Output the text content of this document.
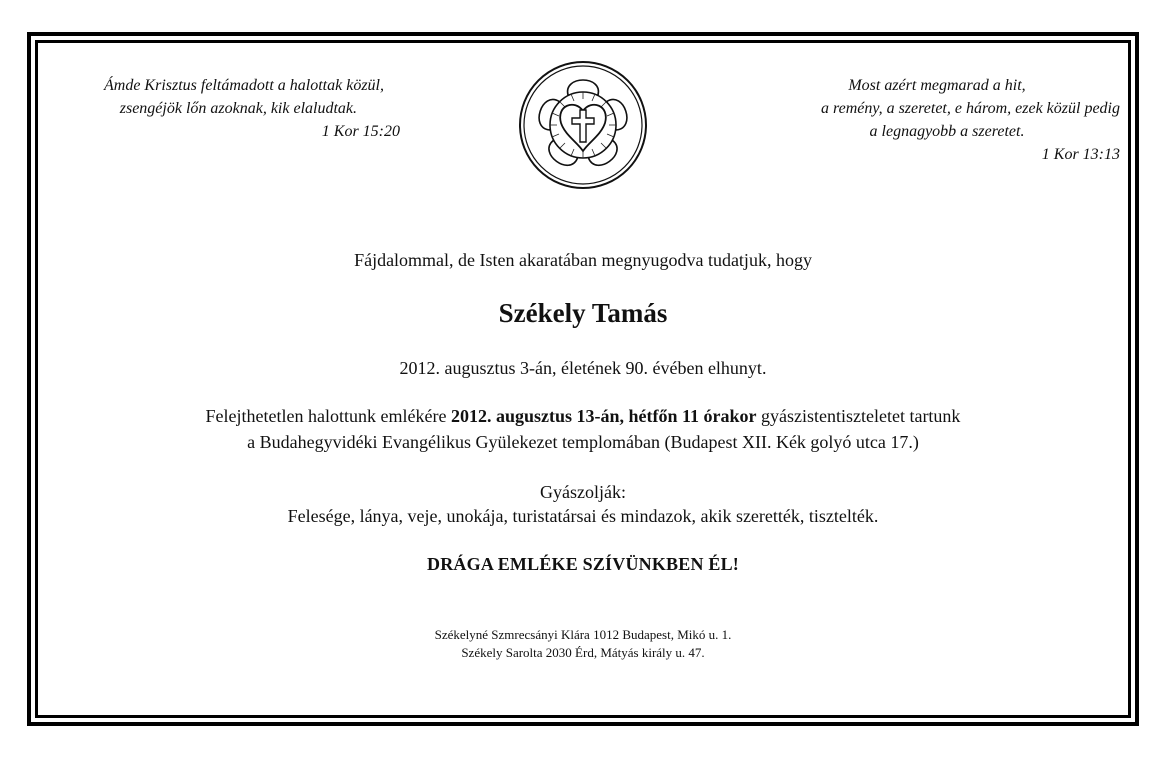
Ámde Krisztus feltámadott a halottak közül,
zsengéjök lőn azoknak, kik elaludtak.
1 Kor 15:20
Most azért megmarad a hit,
a remény, a szeretet, e három, ezek közül pedig
a legnagyobb a szeretet.
1 Kor 13:13
Fájdalommal, de Isten akaratában megnyugodva tudatjuk, hogy
Székely Tamás
2012. augusztus 3-án, életének 90. évében elhunyt.
Felejthetetlen halottunk emlékére 2012. augusztus 13-án, hétfőn 11 órakor gyászistentiszteletet tartunk
a Budahegyvidéki Evangélikus Gyülekezet templomában (Budapest XII. Kék golyó utca 17.)
Gyászolják:
Felesége, lánya, veje, unokája, turistatársai és mindazok, akik szerették, tisztelték.
DRÁGA EMLÉKE SZÍVÜNKBEN ÉL!
Székelyné Szmrecsányi Klára 1012 Budapest, Mikó u. 1.
Székely Sarolta 2030 Érd, Mátyás király u. 47.
